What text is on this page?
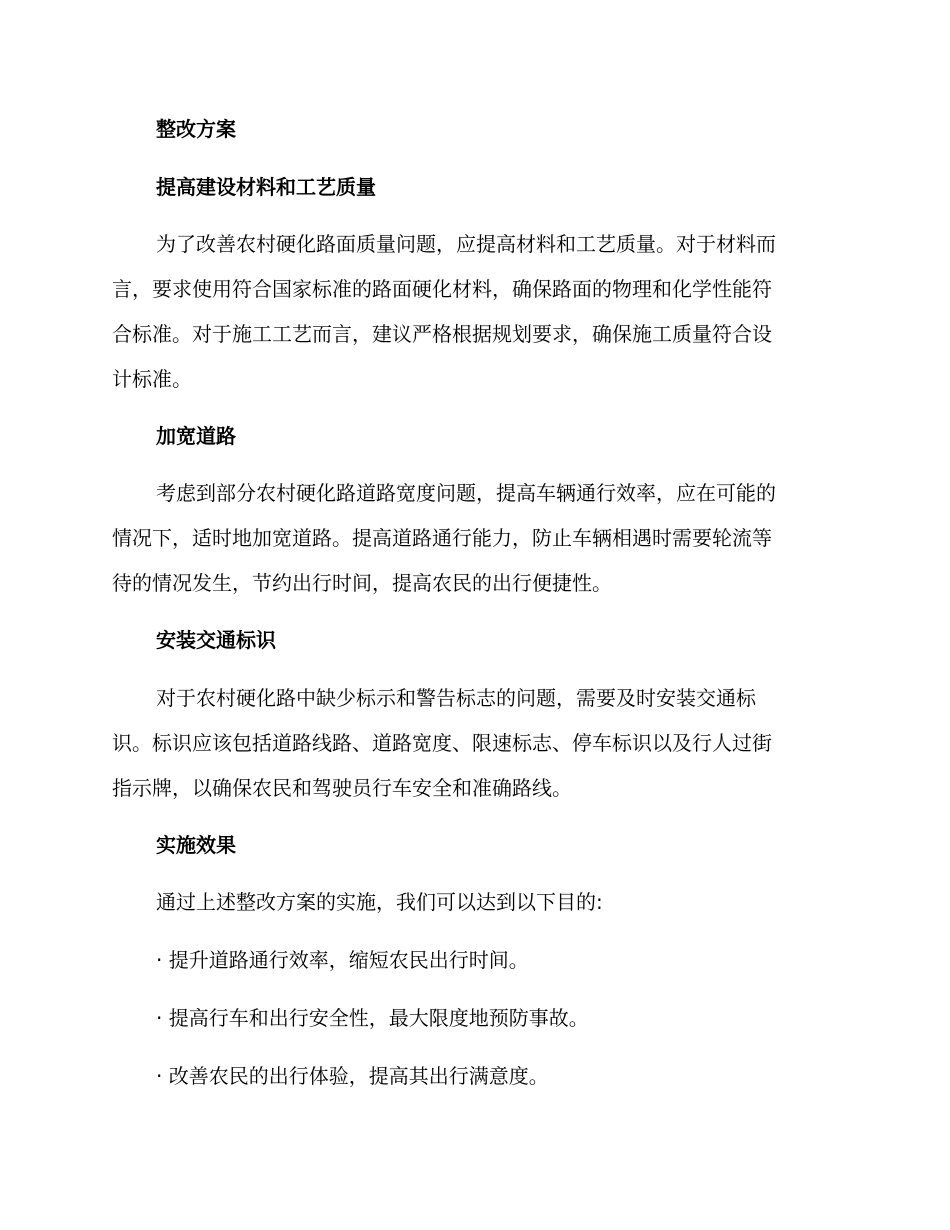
整改方案
提高建设材料和工艺质量
为了改善农村硬化路面质量问题，应提高材料和工艺质量。对于材料而
言，要求使用符合国家标准的路面硬化材料，确保路面的物理和化学性能符
合标准。对于施工工艺而言，建议严格根据规划要求，确保施工质量符合设
计标准。
加宽道路
考虑到部分农村硬化路道路宽度问题，提高车辆通行效率，应在可能的
情况下，适时地加宽道路。提高道路通行能力，防止车辆相遇时需要轮流等
待的情况发生，节约出行时间，提高农民的出行便捷性。
安装交通标识
对于农村硬化路中缺少标示和警告标志的问题，需要及时安装交通标
识。标识应该包括道路线路、道路宽度、限速标志、停车标识以及行人过街
指示牌，以确保农民和驾驶员行车安全和准确路线。
实施效果
通过上述整改方案的实施，我们可以达到以下目的:
· 提升道路通行效率，缩短农民出行时间。
· 提高行车和出行安全性，最大限度地预防事故。
· 改善农民的出行体验，提高其出行满意度。
